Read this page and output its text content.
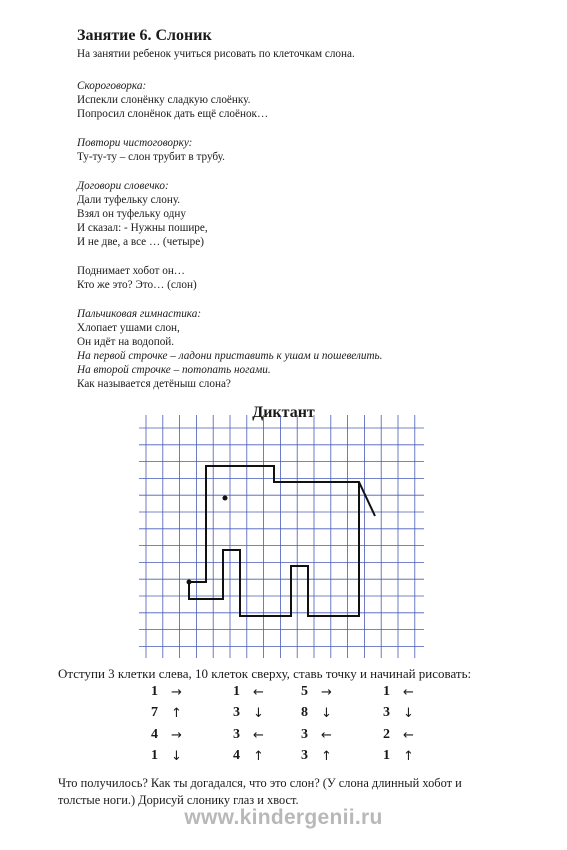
Занятие 6. Слоник
На занятии ребенок учиться рисовать по клеточкам слона.
Скороговорка:
Испекли слонёнку сладкую слоёнку.
Попросил слонёнок дать ещё слоёнок…
Повтори чистоговорку:
Ту-ту-ту – слон трубит в трубу.
Договори словечко:
Дали туфельку слону.
Взял он туфельку одну
И сказал: - Нужны пошире,
И не две, а все … (четыре)
Поднимает хобот он…
Кто же это? Это… (слон)
Пальчиковая гимнастика:
Хлопает ушами слон,
Он идёт на водопой.
На первой строчке – ладони приставить к ушам и пошевелить.
На второй строчке – потопать ногами.
Как называется детёныш слона?
Диктант
Отступи 3 клетки слева, 10 клеток сверху, ставь точку и начинай рисовать:
1 →
7 ↑
4 →
1 ↓
1 ←
3 ↓
3 ←
4 ↑
5 →
8 ↓
3 ←
3 ↑
1 ←
3 ↓
2 ←
1 ↑
Что получилось? Как ты догадался, что это слон? (У слона длинный хобот и
толстые ноги.) Дорисуй слонику глаз и хвост.
www.kindergenii.ru
